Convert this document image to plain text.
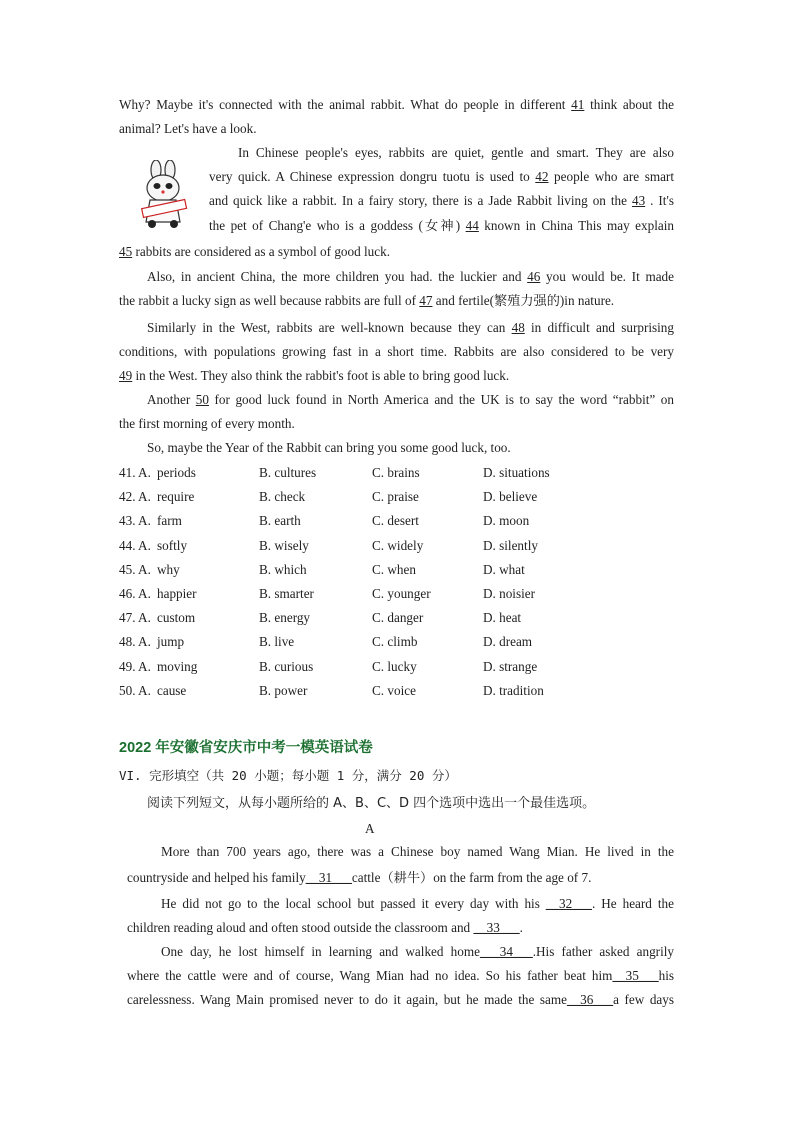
Why? Maybe it's connected with the animal rabbit. What do people in different 41 think about the
animal? Let's have a look.
In Chinese people's eyes, rabbits are quiet, gentle and smart. They are also
very quick. A Chinese expression dongru tuotu is used to 42 people who are smart
and quick like a rabbit. In a fairy story, there is a Jade Rabbit living on the 43 . It's
the pet of Chang'e who is a goddess (女神) 44 known in China This may explain
45 rabbits are considered as a symbol of good luck.
Also, in ancient China, the more children you had. the luckier and 46 you would be. It made
the rabbit a lucky sign as well because rabbits are full of 47 and fertile(繁殖力强的)in nature.
Similarly in the West, rabbits are well-known because they can 48 in difficult and surprising
conditions, with populations growing fast in a short time. Rabbits are also considered to be very
49 in the West. They also think the rabbit's foot is able to bring good luck.
Another 50 for good luck found in North America and the UK is to say the word “rabbit” on
the first morning of every month.
So, maybe the Year of the Rabbit can bring you some good luck, too.
41. A. periods	B. cultures	C. brains	D. situations
42. A. require	B. check	C. praise	D. believe
43. A. farm	B. earth	C. desert	D. moon
44. A. softly	B. wisely	C. widely	D. silently
45. A. why	B. which	C. when	D. what
46. A. happier	B. smarter	C. younger	D. noisier
47. A. custom	B. energy	C. danger	D. heat
48. A. jump	B. live	C. climb	D. dream
49. A. moving	B. curious	C. lucky	D. strange
50. A. cause	B. power	C. voice	D. tradition
2022 年安徽省安庆市中考一模英语试卷
VI. 完形填空（共 20 小题；每小题 1 分，满分 20 分）
阅读下列短文，从每小题所给的 A、B、C、D 四个选项中选出一个最佳选项。
A
More than 700 years ago, there was a Chinese boy named Wang Mian. He lived in the
countryside and helped his family__31___cattle（耕牛）on the farm from the age of 7.
He did not go to the local school but passed it every day with his __32___. He heard the
children reading aloud and often stood outside the classroom and __33___.
One day, he lost himself in learning and walked home___34___.His father asked angrily
where the cattle were and of course, Wang Mian had no idea. So his father beat him__35___his
carelessness. Wang Main promised never to do it again, but he made the same__36___a few days
